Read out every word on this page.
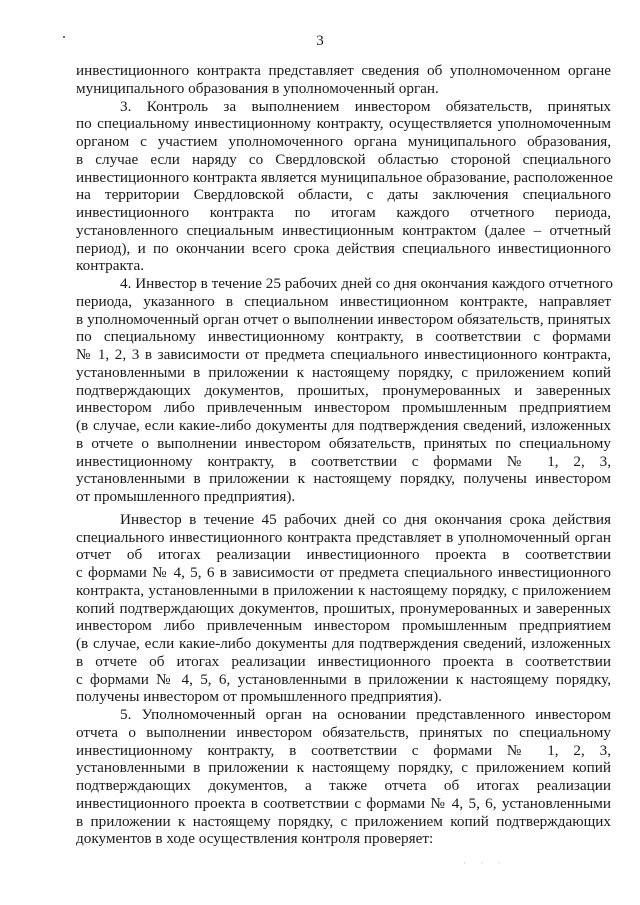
3
инвестиционного контракта представляет сведения об уполномоченном органе
муниципального образования в уполномоченный орган.
3. Контроль за выполнением инвестором обязательств, принятых
по специальному инвестиционному контракту, осуществляется уполномоченным
органом с участием уполномоченного органа муниципального образования,
в случае если наряду со Свердловской областью стороной специального
инвестиционного контракта является муниципальное образование, расположенное
на территории Свердловской области, с даты заключения специального
инвестиционного контракта по итогам каждого отчетного периода,
установленного специальным инвестиционным контрактом (далее – отчетный
период), и по окончании всего срока действия специального инвестиционного
контракта.
4. Инвестор в течение 25 рабочих дней со дня окончания каждого отчетного
периода, указанного в специальном инвестиционном контракте, направляет
в уполномоченный орган отчет о выполнении инвестором обязательств, принятых
по специальному инвестиционному контракту, в соответствии с формами
№ 1, 2, 3 в зависимости от предмета специального инвестиционного контракта,
установленными в приложении к настоящему порядку, с приложением копий
подтверждающих документов, прошитых, пронумерованных и заверенных
инвестором либо привлеченным инвестором промышленным предприятием
(в случае, если какие-либо документы для подтверждения сведений, изложенных
в отчете о выполнении инвестором обязательств, принятых по специальному
инвестиционному контракту, в соответствии с формами № 1, 2, 3,
установленными в приложении к настоящему порядку, получены инвестором
от промышленного предприятия).
Инвестор в течение 45 рабочих дней со дня окончания срока действия
специального инвестиционного контракта представляет в уполномоченный орган
отчет об итогах реализации инвестиционного проекта в соответствии
с формами № 4, 5, 6 в зависимости от предмета специального инвестиционного
контракта, установленными в приложении к настоящему порядку, с приложением
копий подтверждающих документов, прошитых, пронумерованных и заверенных
инвестором либо привлеченным инвестором промышленным предприятием
(в случае, если какие-либо документы для подтверждения сведений, изложенных
в отчете об итогах реализации инвестиционного проекта в соответствии
с формами № 4, 5, 6, установленными в приложении к настоящему порядку,
получены инвестором от промышленного предприятия).
5. Уполномоченный орган на основании представленного инвестором
отчета о выполнении инвестором обязательств, принятых по специальному
инвестиционному контракту, в соответствии с формами № 1, 2, 3,
установленными в приложении к настоящему порядку, с приложением копий
подтверждающих документов, а также отчета об итогах реализации
инвестиционного проекта в соответствии с формами № 4, 5, 6, установленными
в приложении к настоящему порядку, с приложением копий подтверждающих
документов в ходе осуществления контроля проверяет:
· · ·
